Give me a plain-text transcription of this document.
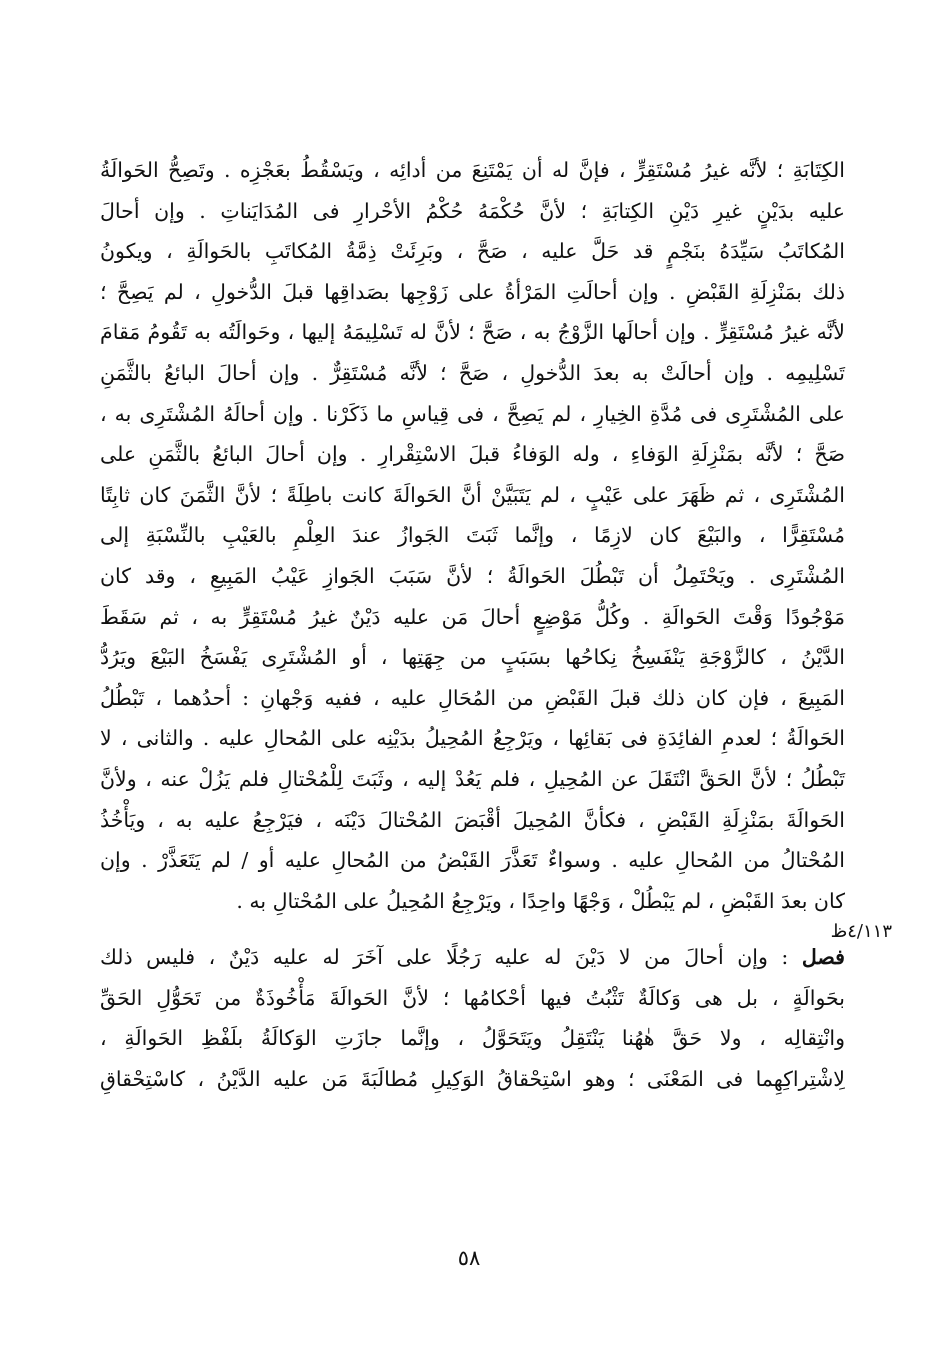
الكِتَابَةِ ؛ لأنَّه غيرُ مُسْتَقِرٍّ ، فإنَّ له أن يَمْتَنِعَ من أدائِه ، ويَسْقُطُ بعَجْزِه . وتَصِحُّ الحَوالَةُ
عليه بدَيْنٍ غيرِ دَيْنِ الكِتابَةِ ؛ لأنَّ حُكْمَهُ حُكْمُ الأحْرارِ فى المُدَايَناتِ . وإن أحالَ
المُكاتَبُ سَيِّدَهُ بنَجْمٍ قد حَلَّ عليه ، صَحَّ ، وبَرِئَتْ ذِمَّةُ المُكاتَبِ بالحَوالَةِ ، ويكونُ
ذلك بمَنْزِلَةِ القَبْضِ . وإن أحالَتِ المَرْأةُ على زَوْجِها بصَداقِها قبلَ الدُّخولِ ، لم يَصِحَّ ؛
لأنَّه غيرُ مُسْتَقِرٍّ . وإن أحالَها الزَّوْجُ به ، صَحَّ ؛ لأنَّ له تَسْلِيمَهُ إليها ، وحَوالَتُه به تَقُومُ مَقامَ
تَسْلِيمِه . وإن أحالَتْ به بعدَ الدُّخولِ ، صَحَّ ؛ لأنَّه مُسْتَقِرٌّ . وإن أحالَ البائعُ بالثَّمَنِ
على المُشْتَرِى فى مُدَّةِ الخِيارِ ، لم يَصِحَّ ، فى قِياسِ ما ذَكَرْنا . وإن أحالَهُ المُشْتَرِى به ،
صَحَّ ؛ لأنَّه بمَنْزِلَةِ الوَفاءِ ، وله الوَفاءُ قبلَ الاسْتِقْرارِ . وإن أحالَ البائعُ بالثَّمَنِ على
المُشْتَرِى ، ثم ظَهَرَ على عَيْبٍ ، لم يَتَبَيَّنْ أنَّ الحَوالَةَ كانت باطِلَةً ؛ لأنَّ الثَّمَنَ كان ثابِتًا
مُسْتَقِرًّا ، والبَيْعَ كان لازِمًا ، وإنَّما ثَبَتَ الجَوازُ عندَ العِلْمِ بالعَيْبِ بالنِّسْبَةِ إلى
المُشْتَرِى . ويَحْتَمِلُ أن تَبْطُلَ الحَوالَةُ ؛ لأنَّ سَبَبَ الجَوازِ عَيْبُ المَبِيعِ ، وقد كان
مَوْجُودًا وَقْتَ الحَوالَةِ . وكُلُّ مَوْضِعٍ أحالَ مَن عليه دَيْنٌ غيرُ مُسْتَقِرٍّ به ، ثم سَقَطَ
الدَّيْنُ ، كالزَّوْجَةِ يَنْفَسِخُ نِكاحُها بسَبَبٍ من جِهَتِها ، أو المُشْتَرِى يَفْسَخُ البَيْعَ ويَرُدُّ
المَبِيعَ ، فإن كان ذلك قبلَ القَبْضِ من المُحَالِ عليه ، ففيه وَجْهانِ : أحدُهما ، تَبْطُلُ
الحَوالَةُ ؛ لعدمِ الفائِدَةِ فى بَقائِها ، ويَرْجِعُ المُحِيلُ بدَيْنِه على المُحالِ عليه . والثانى ، لا
تَبْطُلُ ؛ لأنَّ الحَقَّ انْتَقَلَ عن المُحِيلِ ، فلم يَعُدْ إليه ، وثَبَتَ لِلْمُحْتالِ فلم يَزُلْ عنه ، ولأنَّ
الحَوالَةَ بمَنْزِلَةِ القَبْضِ ، فكأنَّ المُحِيلَ أقْبَضَ المُحْتالَ دَيْنَه ، فيَرْجِعُ عليه به ، ويَأْخُذُ
المُحْتالُ من المُحالِ عليه . وسواءٌ تَعَذَّرَ القَبْضُ من المُحالِ عليه أو / لم يَتَعَذَّرْ . وإن
كان بعدَ القَبْضِ ، لم يَبْطُلْ ، وَجْهًا واحِدًا ، ويَرْجِعُ المُحِيلُ على المُحْتالِ به .
فصل : وإن أحالَ من لا دَيْنَ له عليه رَجُلًا على آخَرَ له عليه دَيْنٌ ، فليس ذلك
بحَوالَةٍ ، بل هى وَكالَةٌ تَثْبُتُ فيها أحْكامُها ؛ لأنَّ الحَوالَةَ مَأْخُوذَةٌ من تَحَوُّلِ الحَقِّ
وانْتِقالِه ، ولا حَقَّ هٰهُنا يَنْتَقِلُ ويَتَحَوَّلُ ، وإنَّما جازَتِ الوَكالَةُ بلَفْظِ الحَوالَةِ ،
لِاشْتِراكِهِما فى المَعْنَى ؛ وهو اسْتِحْقاقُ الوَكِيلِ مُطالَبَةَ مَن عليه الدَّيْنُ ، كاسْتِحْقاقِ
٤/١١٣ظ
٥٨
